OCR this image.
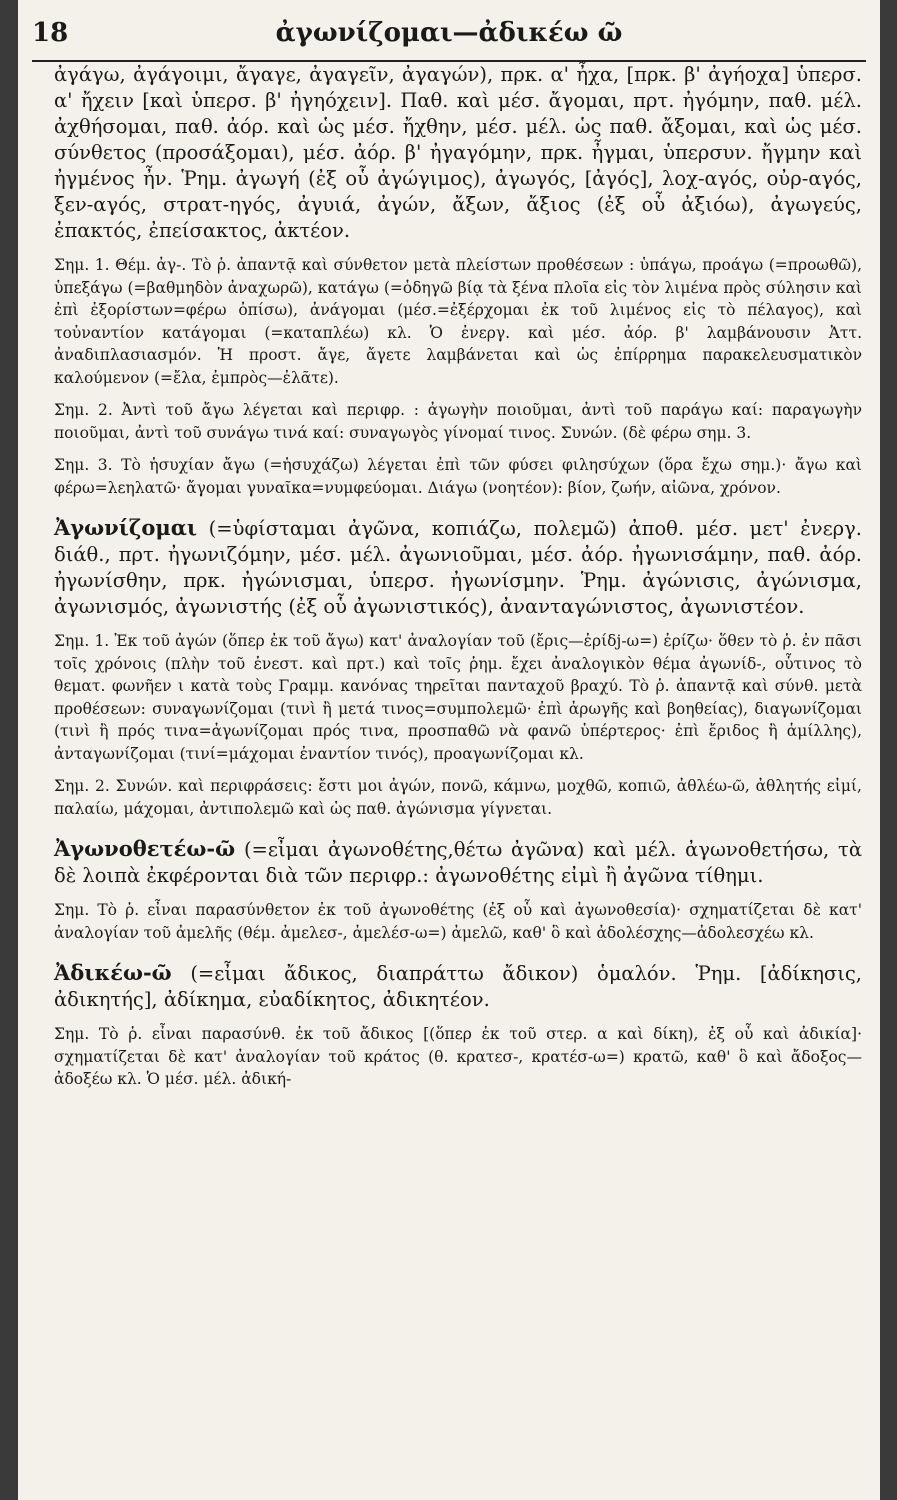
18	ἀγωνίζομαι—ἀδικέω ῶ

ἀγάγω, ἀγάγοιμι, ἄγαγε, ἀγαγεῖν, ἀγαγών), πρκ. α' ἦχα, [πρκ. β' ἀγήοχα] ὑπερσ. α' ἤχειν [καὶ ὑπερσ. β' ἠγηόχειν]. Παθ. καὶ μέσ. ἄγομαι, πρτ. ἠγόμην, παθ. μέλ. ἀχθήσομαι, παθ. ἀόρ. καὶ ὡς μέσ. ἤχθην, μέσ. μέλ. ὡς παθ. ἄξομαι, καὶ ὡς μέσ. σύνθετος (προσάξομαι), μέσ. ἀόρ. β' ἠγαγόμην, πρκ. ἦγμαι, ὑπερσυν. ἤγμην καὶ ἠγμένος ἦν. Ῥημ. ἀγωγή (ἐξ οὗ ἀγώγιμος), ἀγωγός, [ἀγός], λοχ-αγός, οὐρ-αγός, ξεν-αγός, στρατ-ηγός, ἀγυιά, ἀγών, ἄξων, ἄξιος (ἐξ οὗ ἀξιόω), ἀγωγεύς, ἐπακτός, ἐπείσακτος, ἀκτέον.

Σημ. 1. Θέμ. ἀγ-. Τὸ ῥ. ἀπαντᾷ καὶ σύνθετον μετὰ πλείστων προθέσεων : ὑπάγω, προάγω (=προωθῶ), ὑπεξάγω (=βαθμηδὸν ἀναχωρῶ), κατάγω (=ὁδηγῶ βίᾳ τὰ ξένα πλοῖα εἰς τὸν λιμένα πρὸς σύλησιν καὶ ἐπὶ ἐξορίστων=φέρω ὀπίσω), ἀνάγομαι (μέσ.=ἐξέρχομαι ἐκ τοῦ λιμένος εἰς τὸ πέλαγος), καὶ τοὐναντίον κατάγομαι (=καταπλέω) κλ. Ὁ ἐνεργ. καὶ μέσ. ἀόρ. β' λαμβάνουσιν Ἀττ. ἀναδιπλασιασμόν. Ἡ προστ. ἄγε, ἄγετε λαμβάνεται καὶ ὡς ἐπίρρημα παρακελευσματικὸν καλούμενον (=ἔλα, ἐμπρὸς—ἐλᾶτε).

Σημ. 2. Ἀντὶ τοῦ ἄγω λέγεται καὶ περιφρ. : ἀγωγὴν ποιοῦμαι, ἀντὶ τοῦ παράγω καί: παραγωγὴν ποιοῦμαι, ἀντὶ τοῦ συνάγω τινά καί: συναγωγὸς γίνομαί τινος. Συνών. (δὲ φέρω σημ. 3.

Σημ. 3. Τὸ ἡσυχίαν ἄγω (=ἡσυχάζω) λέγεται ἐπὶ τῶν φύσει φιλησύχων (ὅρα ἔχω σημ.)· ἄγω καὶ φέρω=λεηλατῶ· ἄγομαι γυναῖκα=νυμφεύομαι. Διάγω (νοητέον): βίον, ζωήν, αἰῶνα, χρόνον.

Ἀγωνίζομαι (=ὑφίσταμαι ἀγῶνα, κοπιάζω, πολεμῶ) ἀποθ. μέσ. μετ' ἐνεργ. διάθ., πρτ. ἠγωνιζόμην, μέσ. μέλ. ἀγωνιοῦμαι, μέσ. ἀόρ. ἠγωνισάμην, παθ. ἀόρ. ἠγωνίσθην, πρκ. ἠγώνισμαι, ὑπερσ. ἠγωνίσμην. Ῥημ. ἀγώνισις, ἀγώνισμα, ἀγωνισμός, ἀγωνιστής (ἐξ οὗ ἀγωνιστικός), ἀνανταγώνιστος, ἀγωνιστέον.

Σημ. 1. Ἐκ τοῦ ἀγών (ὅπερ ἐκ τοῦ ἄγω) κατ' ἀναλογίαν τοῦ (ἔρις—ἐρίδj-ω=) ἐρίζω· ὅθεν τὸ ῥ. ἐν πᾶσι τοῖς χρόνοις (πλὴν τοῦ ἐνεστ. καὶ πρτ.) καὶ τοῖς ῥημ. ἔχει ἀναλογικὸν θέμα ἀγωνίδ-, οὗτινος τὸ θεματ. φωνῆεν ι κατὰ τοὺς Γραμμ. κανόνας τηρεῖται πανταχοῦ βραχύ. Τὸ ῥ. ἀπαντᾷ καὶ σύνθ. μετὰ προθέσεων: συναγωνίζομαι (τινὶ ἢ μετά τινος=συμπολεμῶ· ἐπὶ ἀρωγῆς καὶ βοηθείας), διαγωνίζομαι (τινὶ ἢ πρός τινα=ἀγωνίζομαι πρός τινα, προσπαθῶ νὰ φανῶ ὑπέρτερος· ἐπὶ ἔριδος ἢ ἁμίλλης), ἀνταγωνίζομαι (τινί=μάχομαι ἐναντίον τινός), προαγωνίζομαι κλ.

Σημ. 2. Συνών. καὶ περιφράσεις: ἔστι μοι ἀγών, πονῶ, κάμνω, μοχθῶ, κοπιῶ, ἀθλέω-ῶ, ἀθλητής εἰμί, παλαίω, μάχομαι, ἀντιπολεμῶ καὶ ὡς παθ. ἀγώνισμα γίγνεται.

Ἀγωνοθετέω-ῶ (=εἶμαι ἀγωνοθέτης,θέτω ἀγῶνα) καὶ μέλ. ἀγωνοθετήσω, τὰ δὲ λοιπὰ ἐκφέρονται διὰ τῶν περιφρ.: ἀγωνοθέτης εἰμὶ ἢ ἀγῶνα τίθημι.

Σημ. Τὸ ῥ. εἶναι παρασύνθετον ἐκ τοῦ ἀγωνοθέτης (ἐξ οὗ καὶ ἀγωνοθεσία)· σχηματίζεται δὲ κατ' ἀναλογίαν τοῦ ἀμελῆς (θέμ. ἀμελεσ-, ἀμελέσ-ω=) ἀμελῶ, καθ' ὃ καὶ ἀδολέσχης—ἀδολεσχέω κλ.

Ἀδικέω-ῶ (=εἶμαι ἄδικος, διαπράττω ἄδικον) ὁμαλόν. Ῥημ. [ἀδίκησις, ἀδικητής], ἀδίκημα, εὐαδίκητος, ἀδικητέον.

Σημ. Τὸ ῥ. εἶναι παρασύνθ. ἐκ τοῦ ἄδικος [(ὅπερ ἐκ τοῦ στερ. α καὶ δίκη), ἐξ οὗ καὶ ἀδικία]· σχηματίζεται δὲ κατ' ἀναλογίαν τοῦ κράτος (θ. κρατεσ-, κρατέσ-ω=) κρατῶ, καθ' ὃ καὶ ἄδοξος—ἀδοξέω κλ. Ὁ μέσ. μέλ. ἀδική-
